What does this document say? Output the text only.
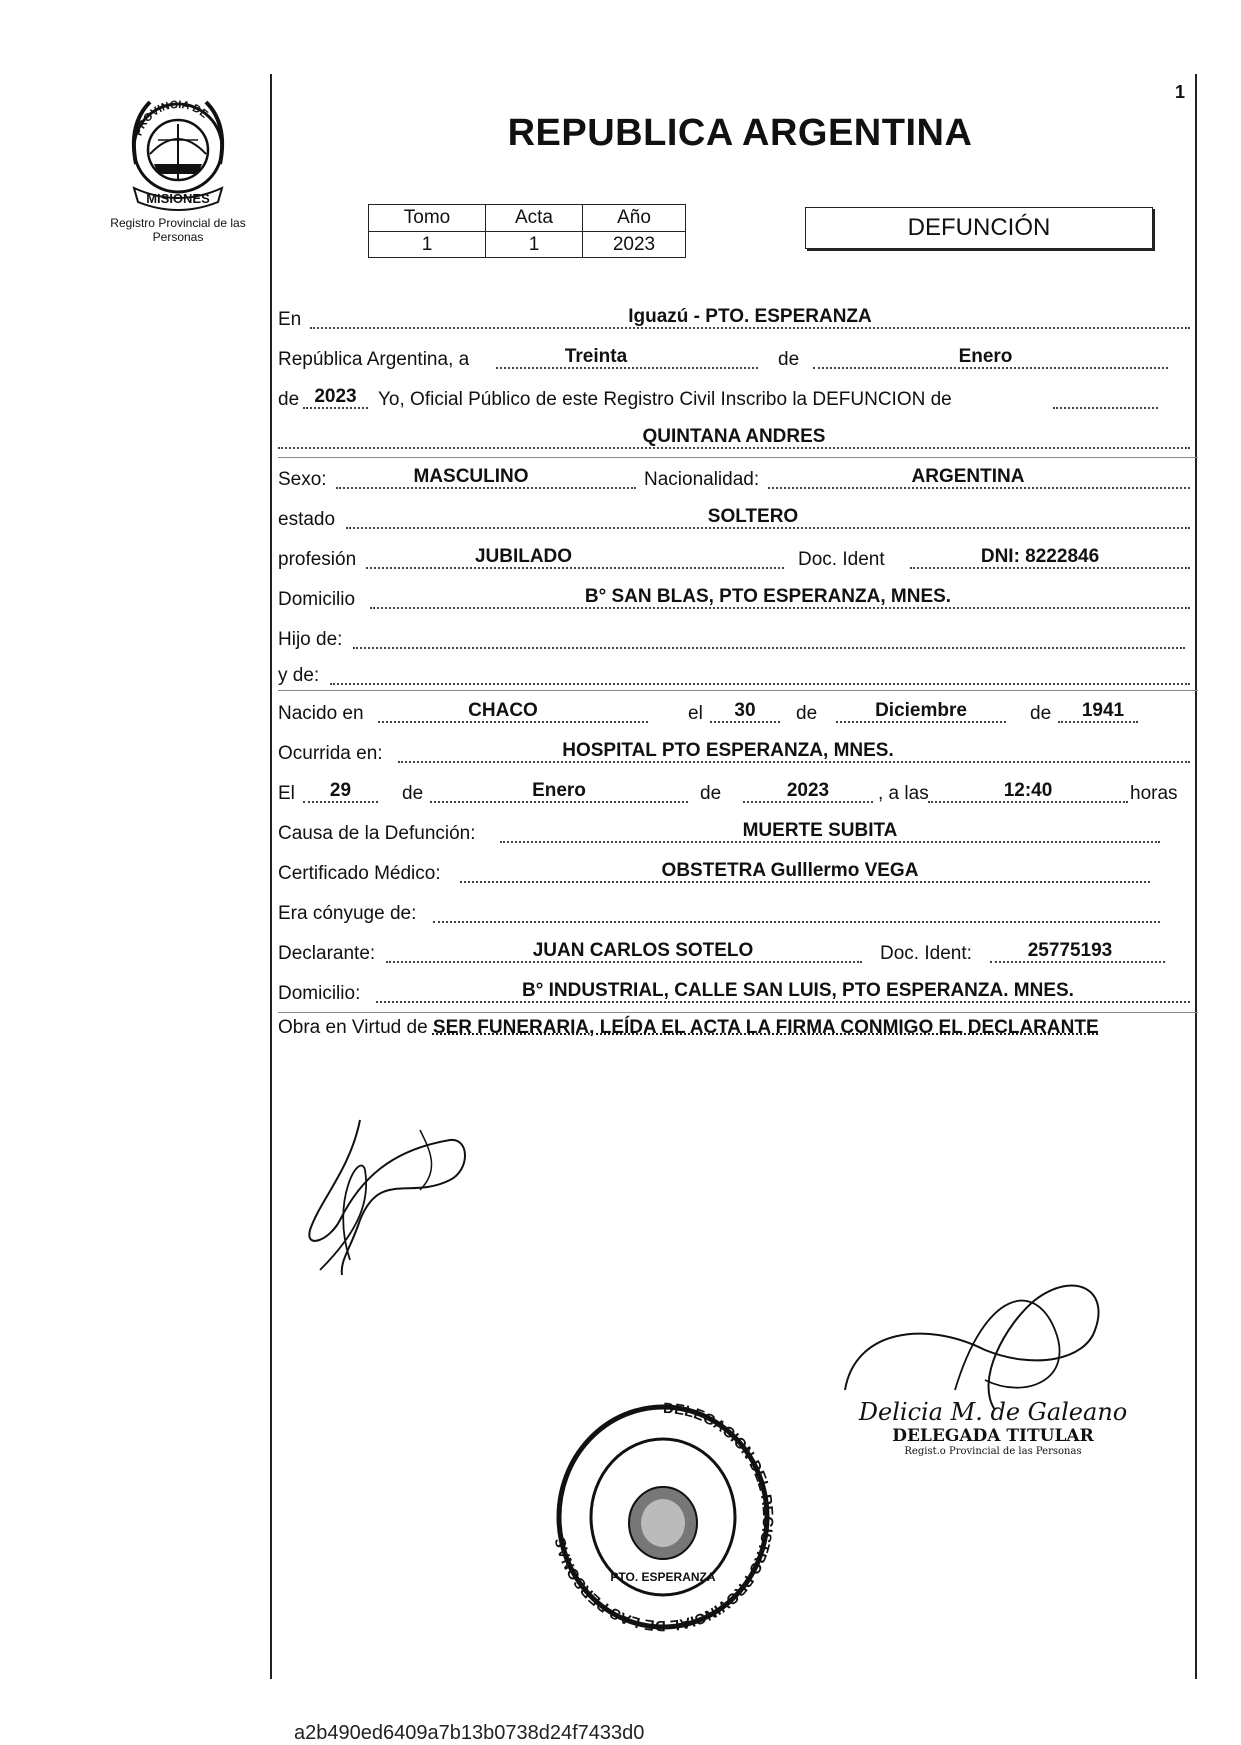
PROVINCIA DE
MISIONES
Registro Provincial de las Personas
1
REPUBLICA ARGENTINA
Tomo	Acta	Año
1	1	2023
DEFUNCIÓN
En	Iguazú - PTO. ESPERANZA
República Argentina, a	Treinta	de	Enero
de 2023	Yo, Oficial Público de este Registro Civil Inscribo la DEFUNCION de
QUINTANA ANDRES
Sexo:	MASCULINO	Nacionalidad:	ARGENTINA
estado	SOLTERO
profesión	JUBILADO	Doc. Ident	DNI: 8222846
Domicilio	B° SAN BLAS, PTO ESPERANZA, MNES.
Hijo de:
y de:
Nacido en	CHACO	el	30	de	Diciembre	de	1941
Ocurrida en:	HOSPITAL PTO ESPERANZA, MNES.
El	29	de	Enero	de	2023	, a las	12:40	horas
Causa de la Defunción:	MUERTE SUBITA
Certificado Médico:	OBSTETRA Gulllermo VEGA
Era cónyuge de:
Declarante:	JUAN CARLOS SOTELO	Doc. Ident:	25775193
Domicilio:	B° INDUSTRIAL, CALLE SAN LUIS, PTO ESPERANZA. MNES.
Obra en Virtud de SER FUNERARIA, LEÍDA EL ACTA LA FIRMA CONMIGO EL DECLARANTE
DELEGACION DEL REGISTRO PROVINCIAL DE LAS PERSONAS
PTO. ESPERANZA
Delicia M. de Galeano
DELEGADA TITULAR
Regist.o Provincial de las Personas
a2b490ed6409a7b13b0738d24f7433d0
